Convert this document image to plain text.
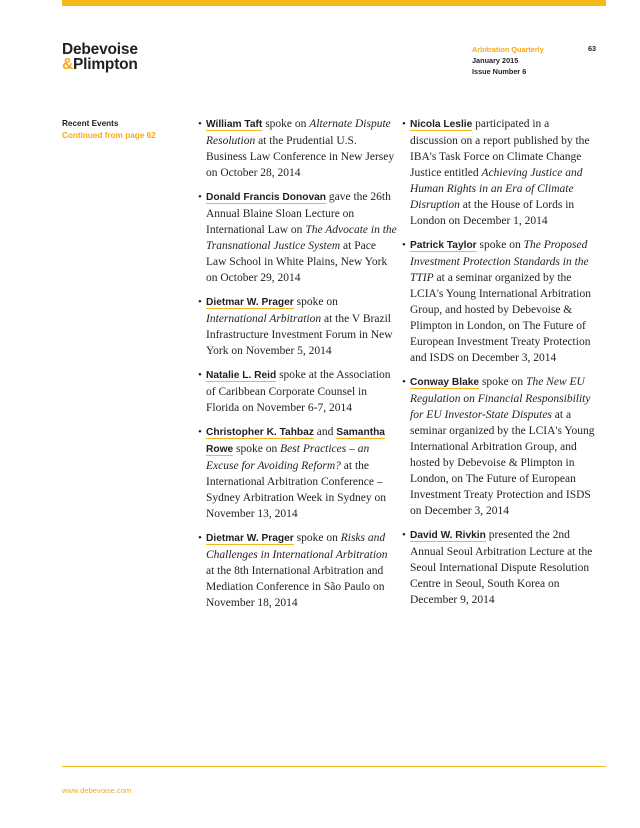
Debevoise
&Plimpton
Arbitration Quarterly
January 2015
Issue Number 6
63
Recent Events
Continued from page 62
• William Taft spoke on Alternate Dispute Resolution at the Prudential U.S. Business Law Conference in New Jersey on October 28, 2014
• Donald Francis Donovan gave the 26th Annual Blaine Sloan Lecture on International Law on The Advocate in the Transnational Justice System at Pace Law School in White Plains, New York on October 29, 2014
• Dietmar W. Prager spoke on International Arbitration at the V Brazil Infrastructure Investment Forum in New York on November 5, 2014
• Natalie L. Reid spoke at the Association of Caribbean Corporate Counsel in Florida on November 6-7, 2014
• Christopher K. Tahbaz and Samantha Rowe spoke on Best Practices – an Excuse for Avoiding Reform? at the International Arbitration Conference – Sydney Arbitration Week in Sydney on November 13, 2014
• Dietmar W. Prager spoke on Risks and Challenges in International Arbitration at the 8th International Arbitration and Mediation Conference in São Paulo on November 18, 2014
• Nicola Leslie participated in a discussion on a report published by the IBA's Task Force on Climate Change Justice entitled Achieving Justice and Human Rights in an Era of Climate Disruption at the House of Lords in London on December 1, 2014
• Patrick Taylor spoke on The Proposed Investment Protection Standards in the TTIP at a seminar organized by the LCIA's Young International Arbitration Group, and hosted by Debevoise & Plimpton in London, on The Future of European Investment Treaty Protection and ISDS on December 3, 2014
• Conway Blake spoke on The New EU Regulation on Financial Responsibility for EU Investor-State Disputes at a seminar organized by the LCIA's Young International Arbitration Group, and hosted by Debevoise & Plimpton in London, on The Future of European Investment Treaty Protection and ISDS on December 3, 2014
• David W. Rivkin presented the 2nd Annual Seoul Arbitration Lecture at the Seoul International Dispute Resolution Centre in Seoul, South Korea on December 9, 2014
www.debevoise.com
